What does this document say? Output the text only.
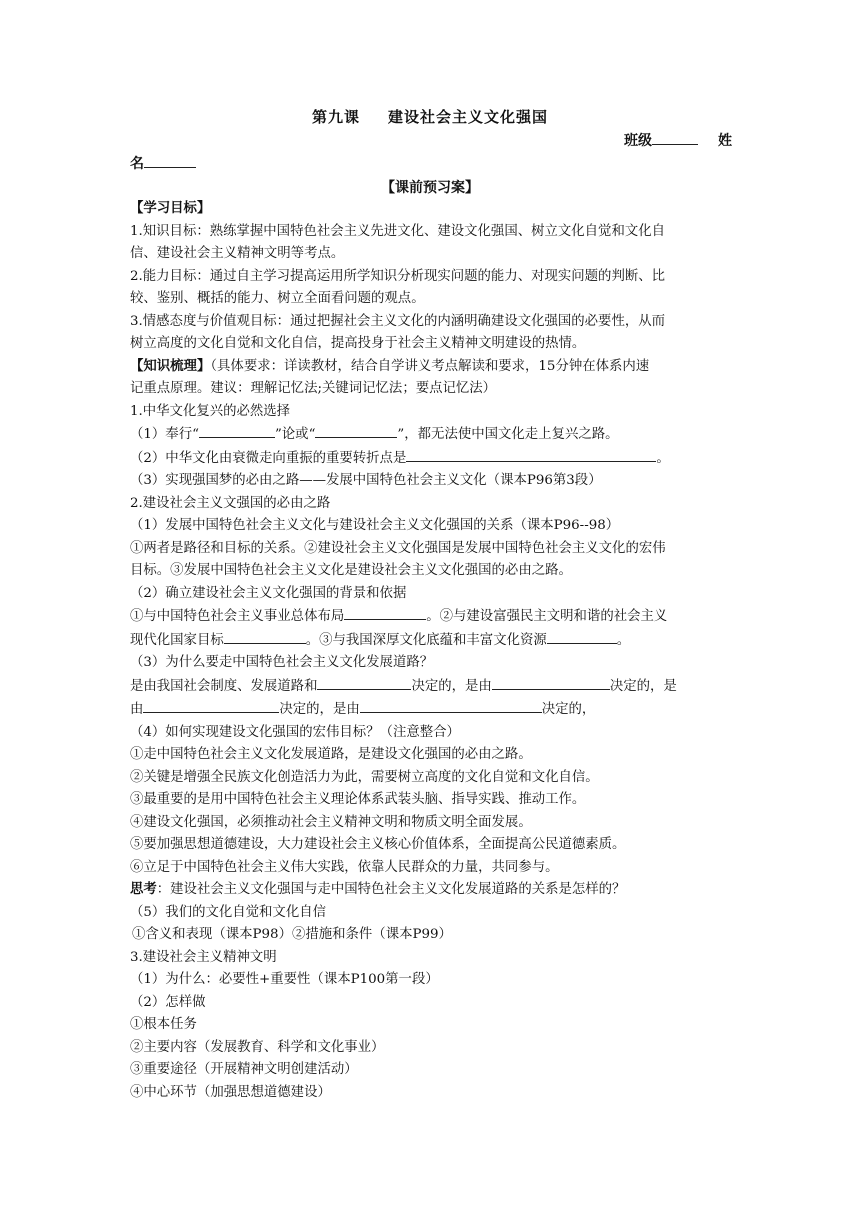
第九课 建设社会主义文化强国
班级	姓
名
【课前预习案】

【学习目标】

1.知识目标：熟练掌握中国特色社会主义先进文化、建设文化强国、树立文化自觉和文化自

信、建设社会主义精神文明等考点。

2.能力目标：通过自主学习提高运用所学知识分析现实问题的能力、对现实问题的判断、比

较、鉴别、概括的能力、树立全面看问题的观点。

3.情感态度与价值观目标：通过把握社会主义文化的内涵明确建设文化强国的必要性，从而

树立高度的文化自觉和文化自信，提高投身于社会主义精神文明建设的热情。

【知识梳理】（具体要求：详读教材，结合自学讲义考点解读和要求，15分钟在体系内速

记重点原理。建议：理解记忆法;关键词记忆法；要点记忆法）

1.中华文化复兴的必然选择

（1）奉行“	”论或“	”，都无法使中国文化走上复兴之路。

（2）中华文化由衰微走向重振的重要转折点是	。

（3）实现强国梦的必由之路——发展中国特色社会主义文化（课本P96第3段）

2.建设社会主义文强国的必由之路

（1）发展中国特色社会主义文化与建设社会主义文化强国的关系（课本P96--98）

①两者是路径和目标的关系。②建设社会主义文化强国是发展中国特色社会主义文化的宏伟

目标。③发展中国特色社会主义文化是建设社会主义文化强国的必由之路。

（2）确立建设社会主义文化强国的背景和依据

①与中国特色社会主义事业总体布局	。②与建设富强民主文明和谐的社会主义

现代化国家目标	。③与我国深厚文化底蕴和丰富文化资源	。

（3）为什么要走中国特色社会主义文化发展道路？

是由我国社会制度、发展道路和	决定的，是由	决定的，是

由	决定的，是由	决定的，

（4）如何实现建设文化强国的宏伟目标？（注意整合）

①走中国特色社会主义文化发展道路，是建设文化强国的必由之路。

②关键是增强全民族文化创造活力为此，需要树立高度的文化自觉和文化自信。

③最重要的是用中国特色社会主义理论体系武装头脑、指导实践、推动工作。

④建设文化强国，必须推动社会主义精神文明和物质文明全面发展。

⑤要加强思想道德建设，大力建设社会主义核心价值体系，全面提高公民道德素质。

⑥立足于中国特色社会主义伟大实践，依靠人民群众的力量，共同参与。

思考：建设社会主义文化强国与走中国特色社会主义文化发展道路的关系是怎样的？

（5）我们的文化自觉和文化自信

①含义和表现（课本P98）②措施和条件（课本P99）

3.建设社会主义精神文明

（1）为什么：必要性+重要性（课本P100第一段）

（2）怎样做

①根本任务

②主要内容（发展教育、科学和文化事业）

③重要途径（开展精神文明创建活动）

④中心环节（加强思想道德建设）
